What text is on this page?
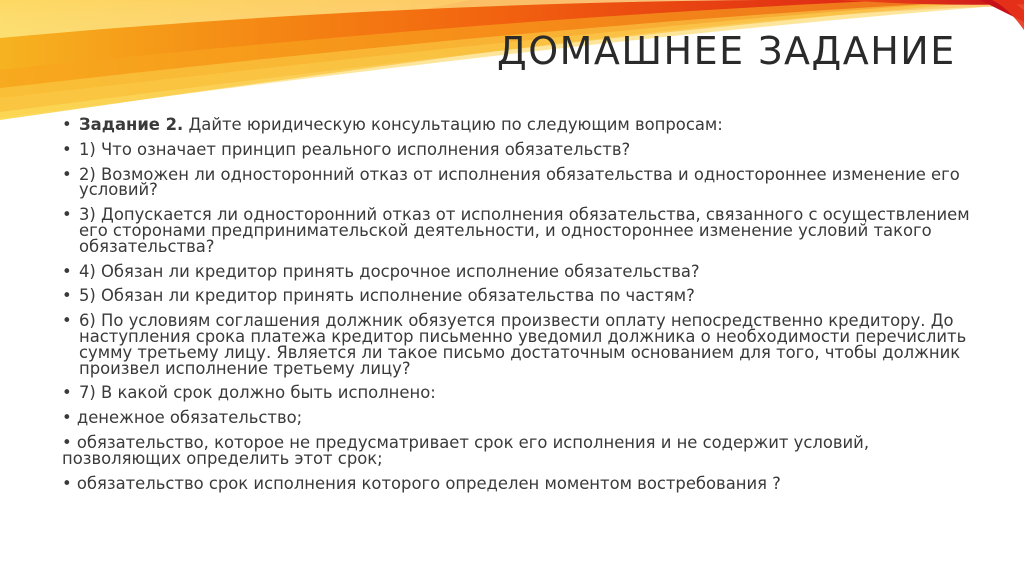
ДОМАШНЕЕ ЗАДАНИЕ
• Задание 2. Дайте юридическую консультацию по следующим вопросам:
• 1) Что означает принцип реального исполнения обязательств?
• 2) Возможен ли односторонний отказ от исполнения обязательства и одностороннее изменение его условий?
• 3) Допускается ли односторонний отказ от исполнения обязательства, связанного с осуществлением его сторонами предпринимательской деятельности, и одностороннее изменение условий такого обязательства?
• 4) Обязан ли кредитор принять досрочное исполнение обязательства?
• 5) Обязан ли кредитор принять исполнение обязательства по частям?
• 6) По условиям соглашения должник обязуется произвести оплату непосредственно кредитору. До наступления срока платежа кредитор письменно уведомил должника о необходимости перечислить сумму третьему лицу. Является ли такое письмо достаточным основанием для того, чтобы должник произвел исполнение третьему лицу?
• 7) В какой срок должно быть исполнено:
• денежное обязательство;
• обязательство, которое не предусматривает срок его исполнения и не содержит условий, позволяющих определить этот срок;
• обязательство срок исполнения которого определен моментом востребования ?
